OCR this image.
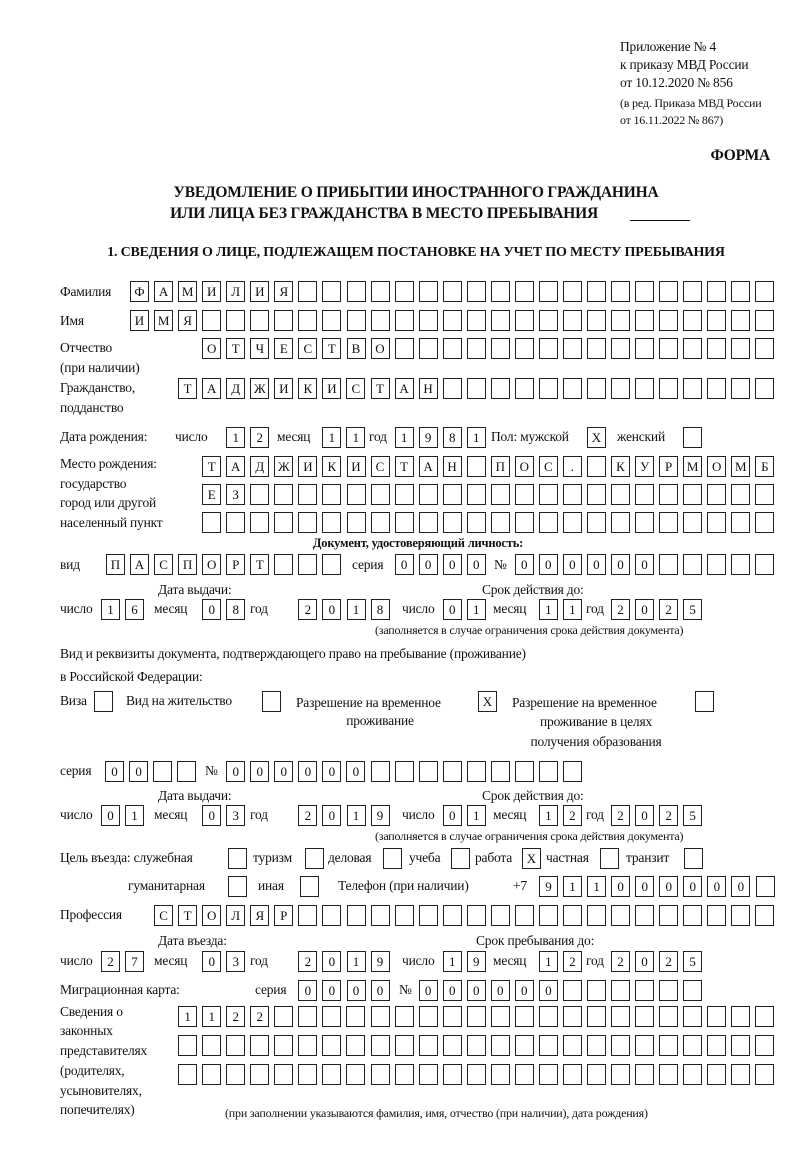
Приложение № 4
к приказу МВД России
от 10.12.2020 № 856
(в ред. Приказа МВД России
от 16.11.2022 № 867)
ФОРМА
УВЕДОМЛЕНИЕ О ПРИБЫТИИ ИНОСТРАННОГО ГРАЖДАНИНА
ИЛИ ЛИЦА БЕЗ ГРАЖДАНСТВА В МЕСТО ПРЕБЫВАНИЯ
1. СВЕДЕНИЯ О ЛИЦЕ, ПОДЛЕЖАЩЕМ ПОСТАНОВКЕ НА УЧЕТ ПО МЕСТУ ПРЕБЫВАНИЯ
Фамилия	Ф	А	М	И	Л	И	Я
Имя	И	М	Я
Отчество
(при наличии)
О	Т	Ч	Е	С	Т	В	О
Гражданство,
подданство
Т	А	Д	Ж	И	К	И	С	Т	А	Н
Дата рождения: число	1	2	месяц	1	1 год	1	9	8	1 Пол: мужской	X	женский
Место рождения:
государство
город или другой
населенный пункт
Т	А	Д	Ж	И	К	И	С	Т	А	Н	П	О	С	.	К	У	Р	М	О	М	Б
Е	З
Документ, удостоверяющий личность:
вид	П	А	С	П	О	Р	Т	серия	0	0	0	0	№	0	0	0	0	0	0
Дата выдачи:	Срок действия до:
число	1	6	месяц	0	8 год	2	0	1	8	число	0	1	месяц	1	1 год	2	0	2	5
(заполняется в случае ограничения срока действия документа)
Вид и реквизиты документа, подтверждающего право на пребывание (проживание)
в Российской Федерации:
Виза	Вид на жительство	Разрешение на временное
проживание
X	Разрешение на временное
проживание в целях
получения образования
серия	0	0	№	0	0	0	0	0	0
Дата выдачи:	Срок действия до:
число	0	1	месяц	0	3 год	2	0	1	9	число	0	1	месяц	1	2 год	2	0	2	5
(заполняется в случае ограничения срока действия документа)
Цель въезда: служебная	туризм	деловая	учеба	работа	X частная	транзит
гуманитарная	иная	Телефон (при наличии)	+7	9	1	1	0	0	0	0	0	0
Профессия	С	Т	О	Л	Я	Р
Дата въезда:	Срок пребывания до:
число	2	7	месяц	0	3 год	2	0	1	9	число	1	9	месяц	1	2 год	2	0	2	5
Миграционная карта:	серия	0	0	0	0	№	0	0	0	0	0	0
Сведения о
законных
представителях
(родителях,
усыновителях,
попечителях)
1	1	2	2
(при заполнении указываются фамилия, имя, отчество (при наличии), дата рождения)
